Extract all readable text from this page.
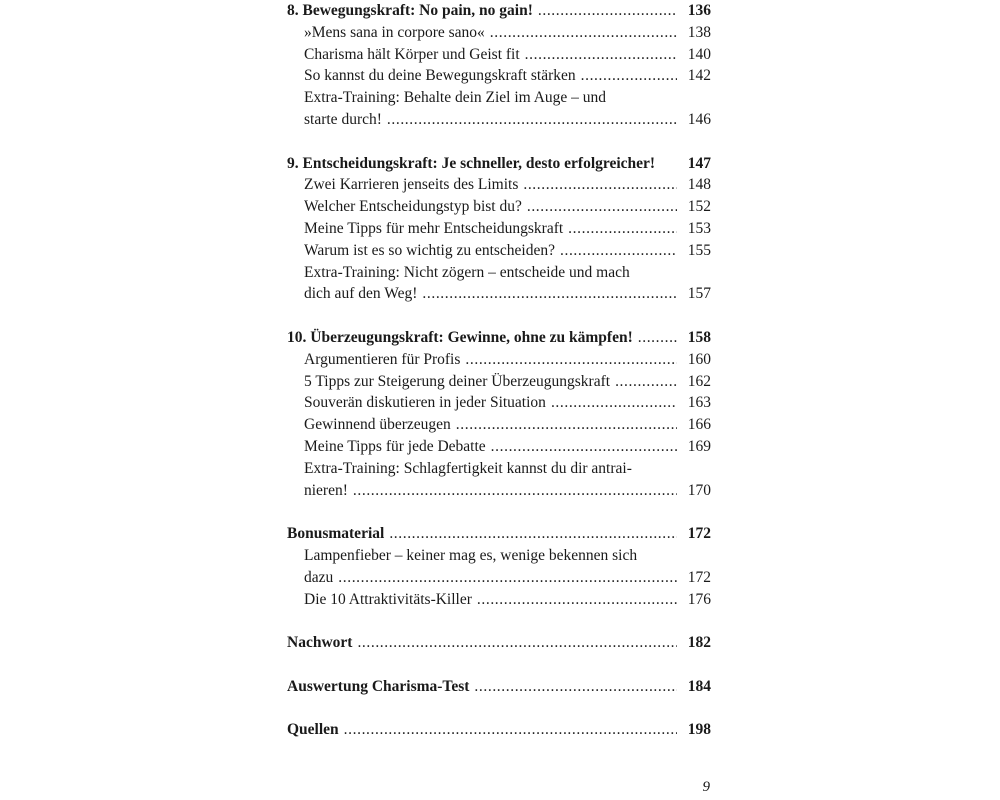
8. Bewegungskraft: No pain, no gain! .....	136
»Mens sana in corpore sano« .....	138
Charisma hält Körper und Geist fit .....	140
So kannst du deine Bewegungskraft stärken .....	142
Extra-Training: Behalte dein Ziel im Auge – und
starte durch! .....	146
9. Entscheidungskraft: Je schneller, desto erfolgreicher!	147
Zwei Karrieren jenseits des Limits .....	148
Welcher Entscheidungstyp bist du? .....	152
Meine Tipps für mehr Entscheidungskraft .....	153
Warum ist es so wichtig zu entscheiden? .....	155
Extra-Training: Nicht zögern – entscheide und mach
dich auf den Weg! .....	157
10. Überzeugungskraft: Gewinne, ohne zu kämpfen! .....	158
Argumentieren für Profis .....	160
5 Tipps zur Steigerung deiner Überzeugungskraft .....	162
Souverän diskutieren in jeder Situation .....	163
Gewinnend überzeugen .....	166
Meine Tipps für jede Debatte .....	169
Extra-Training: Schlagfertigkeit kannst du dir antrai-
nieren! .....	170
Bonusmaterial .....	172
Lampenfieber – keiner mag es, wenige bekennen sich
dazu .....	172
Die 10 Attraktivitäts-Killer .....	176
Nachwort .....	182
Auswertung Charisma-Test .....	184
Quellen .....	198
9
